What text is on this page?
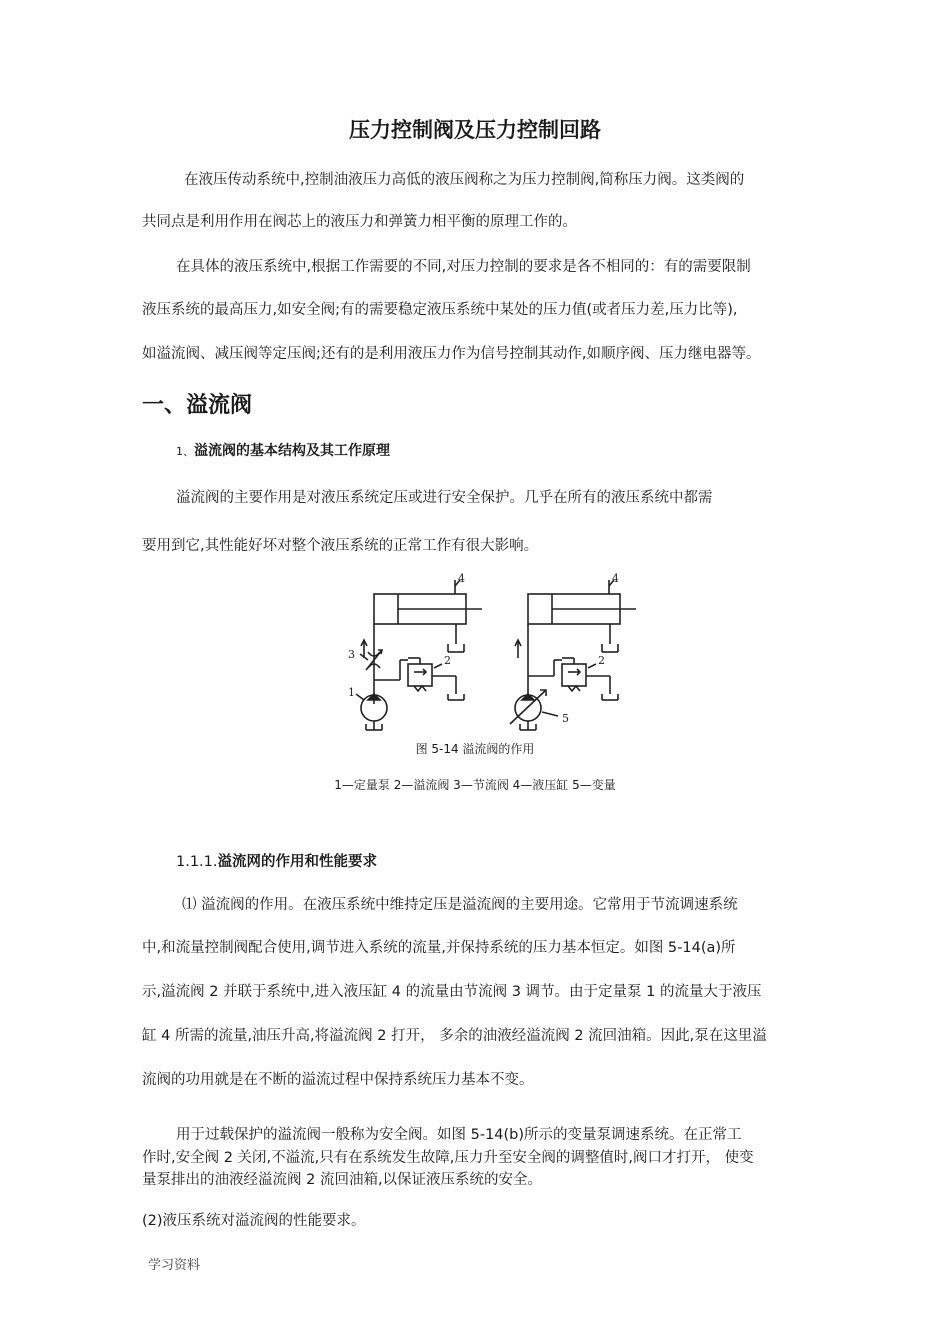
压力控制阀及压力控制回路
在液压传动系统中,控制油液压力高低的液压阀称之为压力控制阀,简称压力阀。这类阀的
共同点是利用作用在阀芯上的液压力和弹簧力相平衡的原理工作的。
在具体的液压系统中,根据工作需要的不同,对压力控制的要求是各不相同的：有的需要限制
液压系统的最高压力,如安全阀;有的需要稳定液压系统中某处的压力值(或者压力差,压力比等),
如溢流阀、减压阀等定压阀;还有的是利用液压力作为信号控制其动作,如顺序阀、压力继电器等。
一、溢流阀
1、溢流阀的基本结构及其工作原理
溢流阀的主要作用是对液压系统定压或进行安全保护。几乎在所有的液压系统中都需
要用到它,其性能好坏对整个液压系统的正常工作有很大影响。
4
3	2
1
4
2
5
图 5-14 溢流阀的作用
1—定量泵 2—溢流阀 3—节流阀 4—液压缸 5—变量
1.1.1.溢流网的作用和性能要求
⑴ 溢流阀的作用。在液压系统中维持定压是溢流阀的主要用途。它常用于节流调速系统
中,和流量控制阀配合使用,调节进入系统的流量,并保持系统的压力基本恒定。如图 5-14(a)所
示,溢流阀 2 并联于系统中,进入液压缸 4 的流量由节流阀 3 调节。由于定量泵 1 的流量大于液压
缸 4 所需的流量,油压升高,将溢流阀 2 打开， 多余的油液经溢流阀 2 流回油箱。因此,泵在这里溢
流阀的功用就是在不断的溢流过程中保持系统压力基本不变。
用于过载保护的溢流阀一般称为安全阀。如图 5-14(b)所示的变量泵调速系统。在正常工
作时,安全阀 2 关闭,不溢流,只有在系统发生故障,压力升至安全阀的调整值时,阀口才打开， 使变
量泵排出的油液经溢流阀 2 流回油箱,以保证液压系统的安全。
(2)液压系统对溢流阀的性能要求。
学习资料
